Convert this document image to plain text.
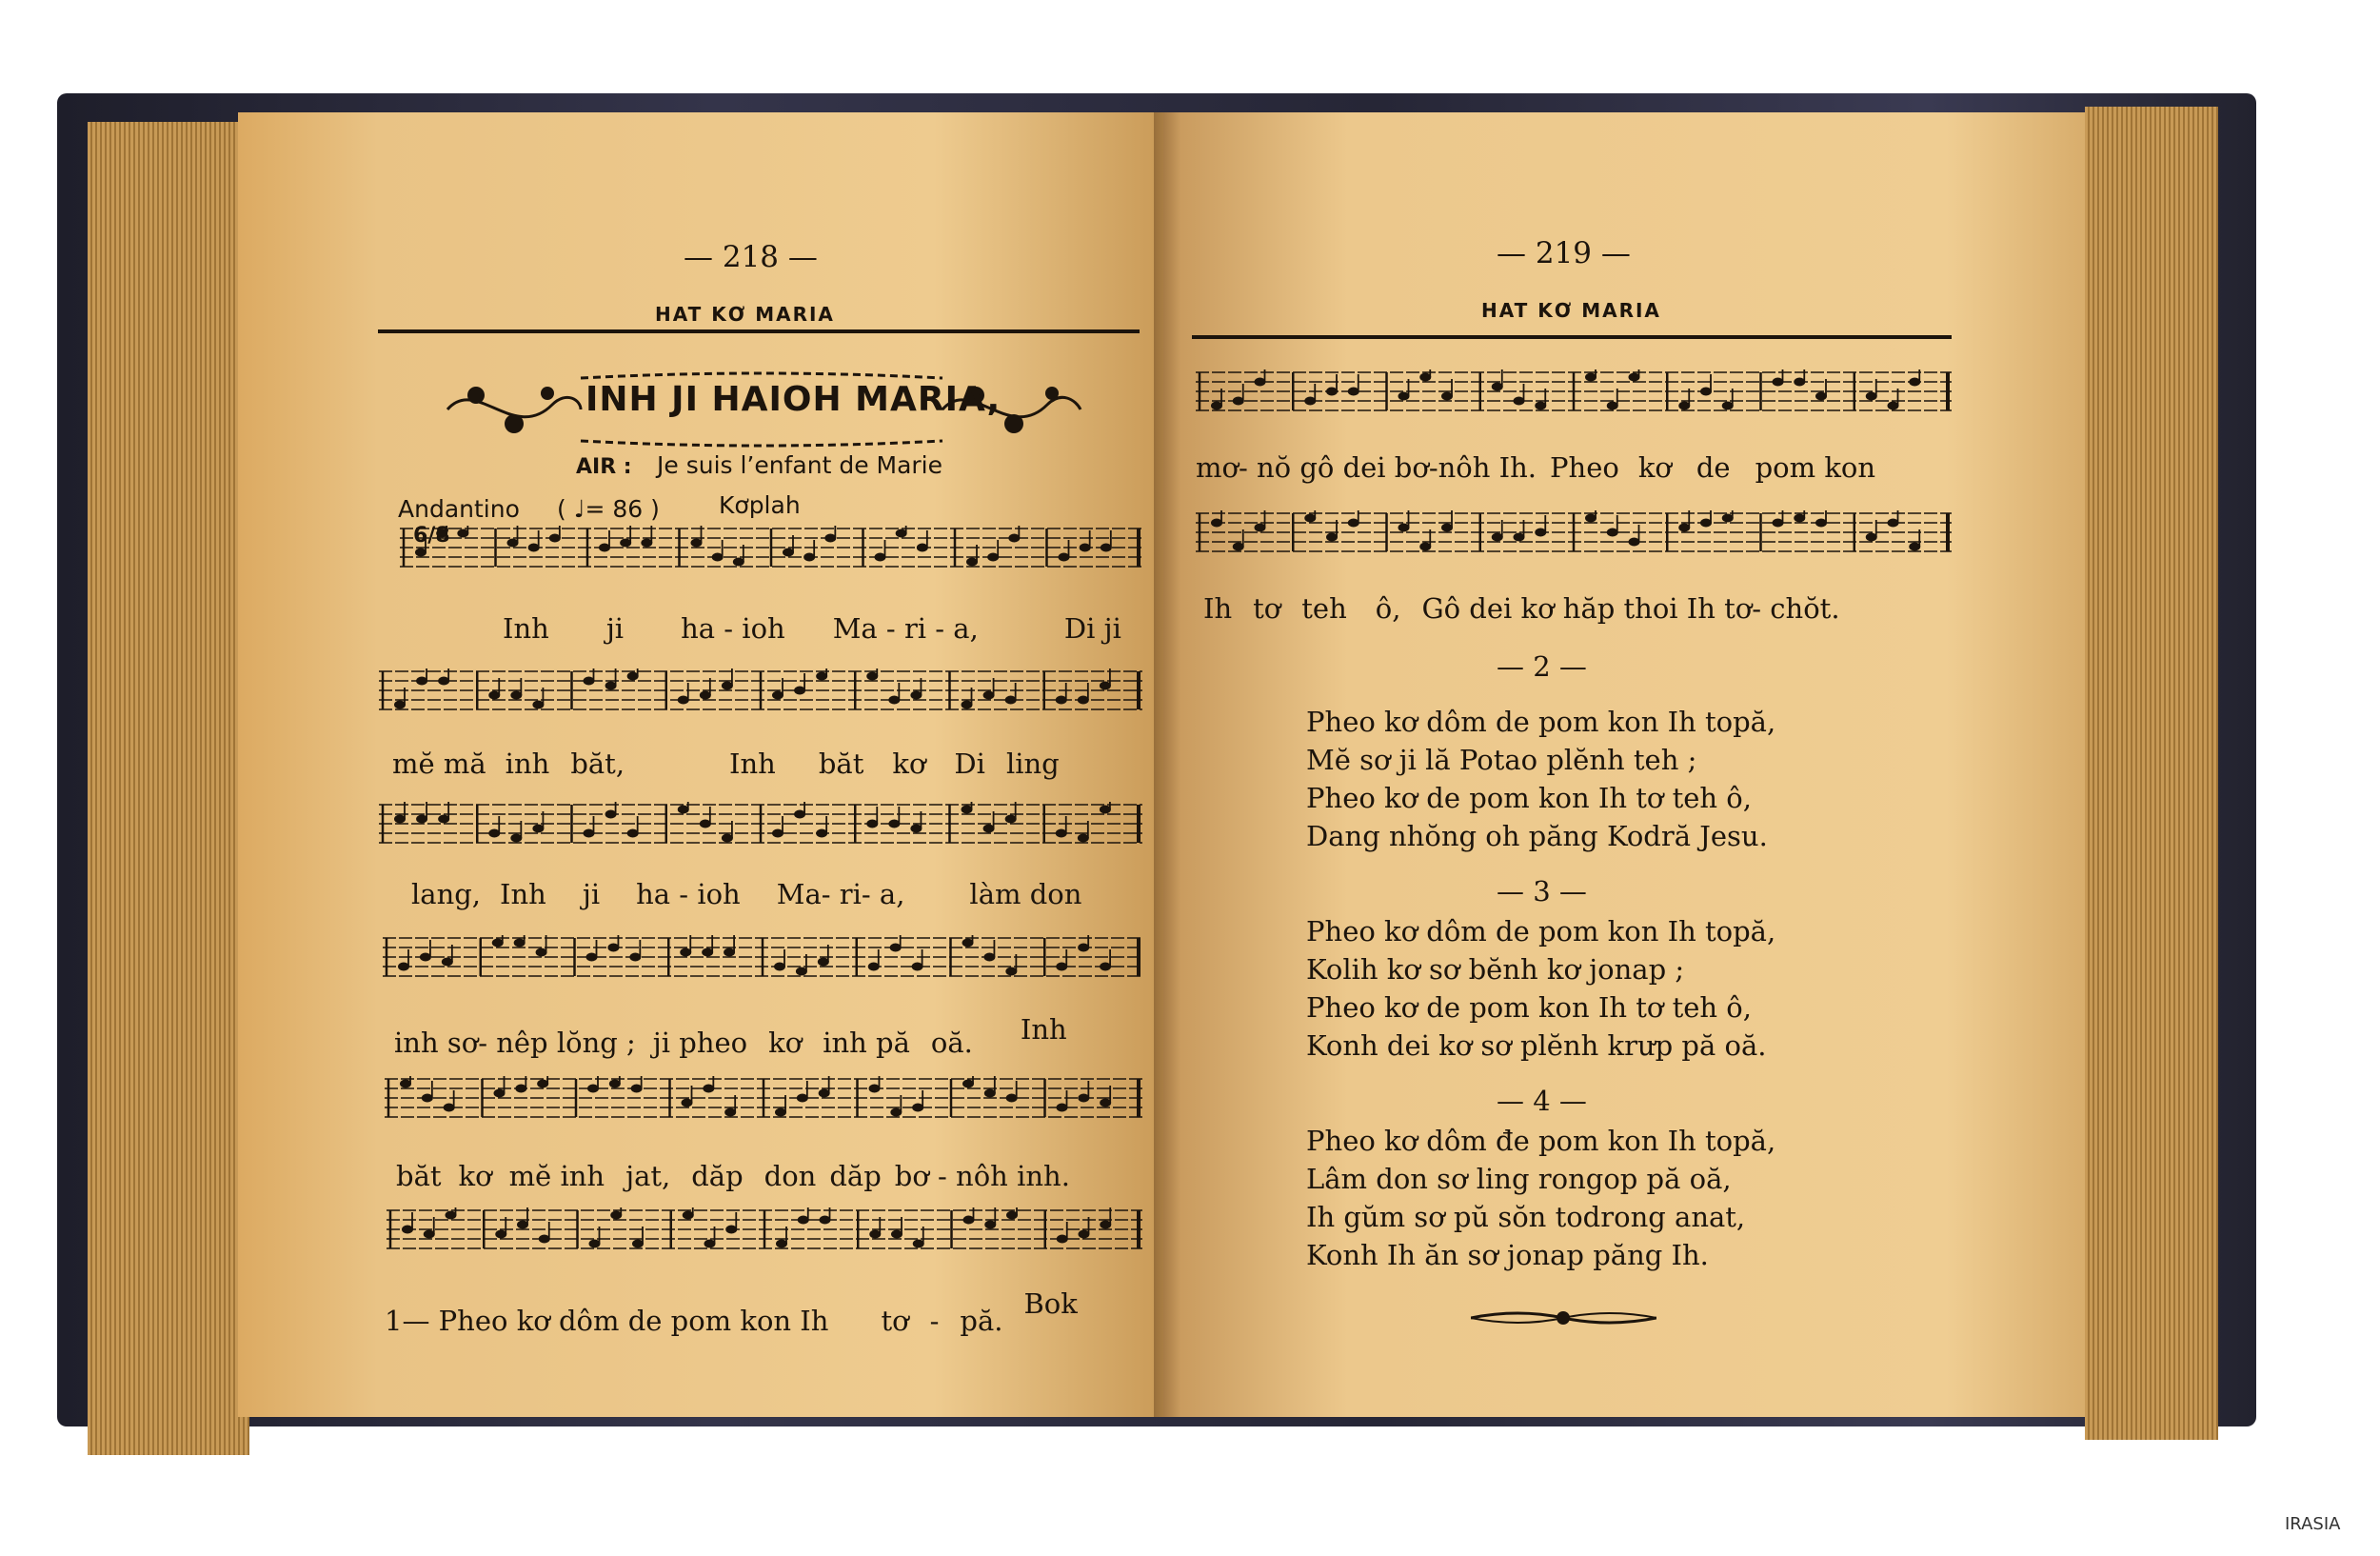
— 218 —
HAT KƠ MARIA
INH JI HAIOH MARIA,
AIR : Je suis l’enfant de Marie
Andantino ( ♩= 86 ) Kơplah
6/8
Inh ji ha - ioh Ma - ri - a,	Di ji
mĕ mă inh băt,	Inh băt kơ Di ling
lang, Inh ji ha - ioh Ma- ri- a, làm don
inh sơ- nêp lŏng ; ji pheo kơ inh pă oă. Inh
băt kơ mĕ inh jat, dăp don dăp bơ - nôh inh.
1— Pheo kơ dôm de pom kon Ih tơ - pă.Bok
— 219 —
HAT KƠ MARIA
mơ- nŏ gô dei bơ-nôh Ih. Pheo kơ de pom kon
Ih tơ teh ô, Gô dei kơ hăp thoi Ih tơ- chŏt.
— 2 —
Pheo kơ dôm de pom kon Ih topă,
Mĕ sơ ji lă Potao plĕnh teh ;
Pheo kơ de pom kon Ih tơ teh ô,
Dang nhŏng oh păng Kodră Jesu.
— 3 —
Pheo kơ dôm de pom kon Ih topă,
Kolih kơ sơ bĕnh kơ jonap ;
Pheo kơ de pom kon Ih tơ teh ô,
Konh dei kơ sơ plĕnh krưp pă oă.
— 4 —
Pheo kơ dôm đe pom kon Ih topă,
Lâm don sơ ling rongop pă oă,
Ih gŭm sơ pŭ sŏn todrong anat,
Konh Ih ăn sơ jonap păng Ih.
IRASIA
